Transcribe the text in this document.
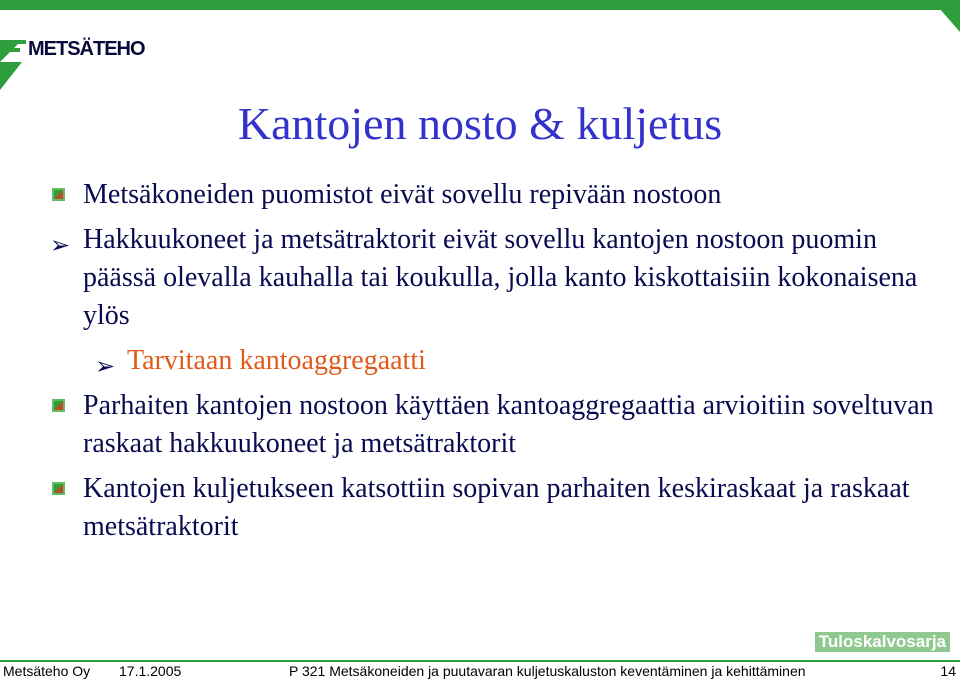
METSÄTEHO
Kantojen nosto & kuljetus
Metsäkoneiden puomistot eivät sovellu repivään nostoon
➢ Hakkuukoneet ja metsätraktorit eivät sovellu kantojen nostoon puomin päässä olevalla kauhalla tai koukulla, jolla kanto kiskottaisiin kokonaisena ylös
➢ Tarvitaan kantoaggregaatti
Parhaiten kantojen nostoon käyttäen kantoaggregaattia arvioitiin soveltuvan raskaat hakkuukoneet ja metsätraktorit
Kantojen kuljetukseen katsottiin sopivan parhaiten keskiraskaat ja raskaat metsätraktorit
Tuloskalvosarja
Metsäteho Oy 17.1.2005	P 321 Metsäkoneiden ja puutavaran kuljetuskaluston keventäminen ja kehittäminen	14
